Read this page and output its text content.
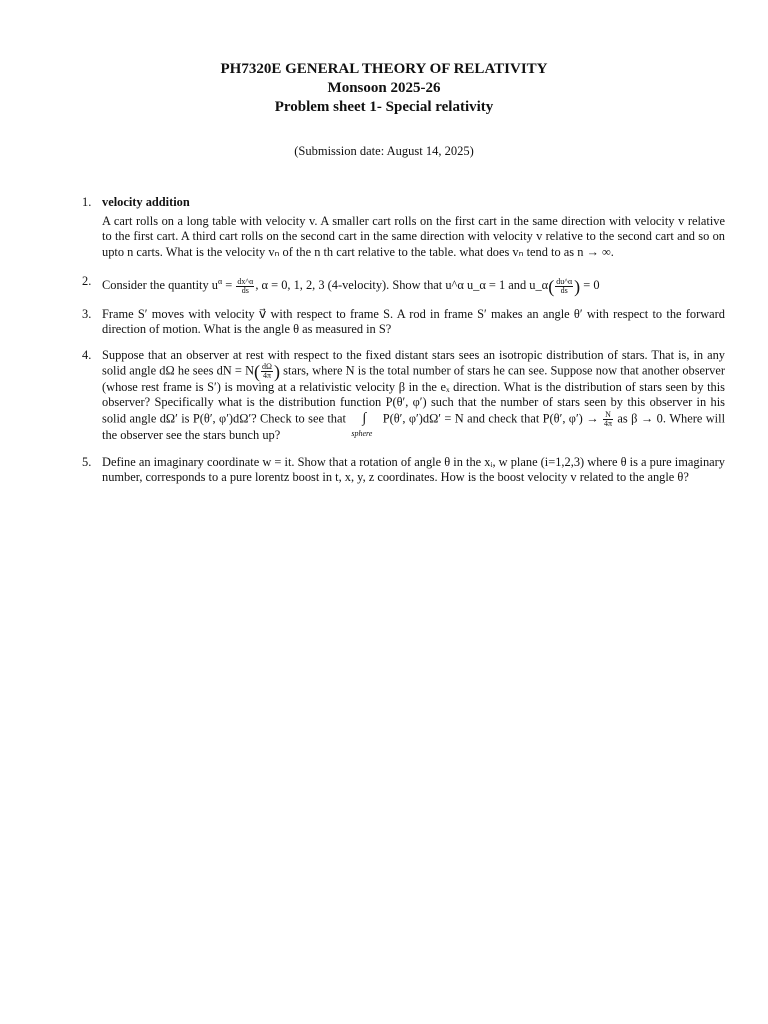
PH7320E GENERAL THEORY OF RELATIVITY
Monsoon 2025-26
Problem sheet 1- Special relativity
(Submission date: August 14, 2025)
1. velocity addition
A cart rolls on a long table with velocity v. A smaller cart rolls on the first cart in the same direction with velocity v relative to the first cart. A third cart rolls on the second cart in the same direction with velocity v relative to the second cart and so on upto n carts. What is the velocity vₙ of the n th cart relative to the table. what does vₙ tend to as n → ∞.
2. Consider the quantity $u^\alpha = \frac{dx\^{}\alpha}{ds}$ , α = 0, 1, 2, 3 (4-velocity). Show that u^α u_α = 1 and u_α( $\frac{du\^{}\alpha}{ds}$ ) = 0
3. Frame S′ moves with velocity v⃗ with respect to frame S. A rod in frame S′ makes an angle θ′ with respect to the forward direction of motion. What is the angle θ as measured in S?
4. Suppose that an observer at rest with respect to the fixed distant stars sees an isotropic distribution of stars. That is, in any solid angle dΩ he sees dN = $N( \frac{d\Omega}{4\pi}$ ) stars, where N is the total number of stars he can see. Suppose now that another observer (whose rest frame is S′) is moving at a relativistic velocity β in the eₓ direction. What is the distribution of stars seen by this observer? Specifically what is the distribution function P(θ′, φ′) such that the number of stars seen by this observer in his solid angle dΩ′ is P(θ′, φ′)dΩ′? Check to see that ∫
sphere
P(θ′, φ′)dΩ′ = N and check that P(θ′, $\varphi') \to \frac{N}{4\pi}$ as β → 0. Where will the observer see the stars bunch up?
5. Define an imaginary coordinate w = it. Show that a rotation of angle θ in the xᵢ, w plane (i=1,2,3) where θ is a pure imaginary number, corresponds to a pure lorentz boost in t, x, y, z coordinates. How is the boost velocity v related to the angle θ?
